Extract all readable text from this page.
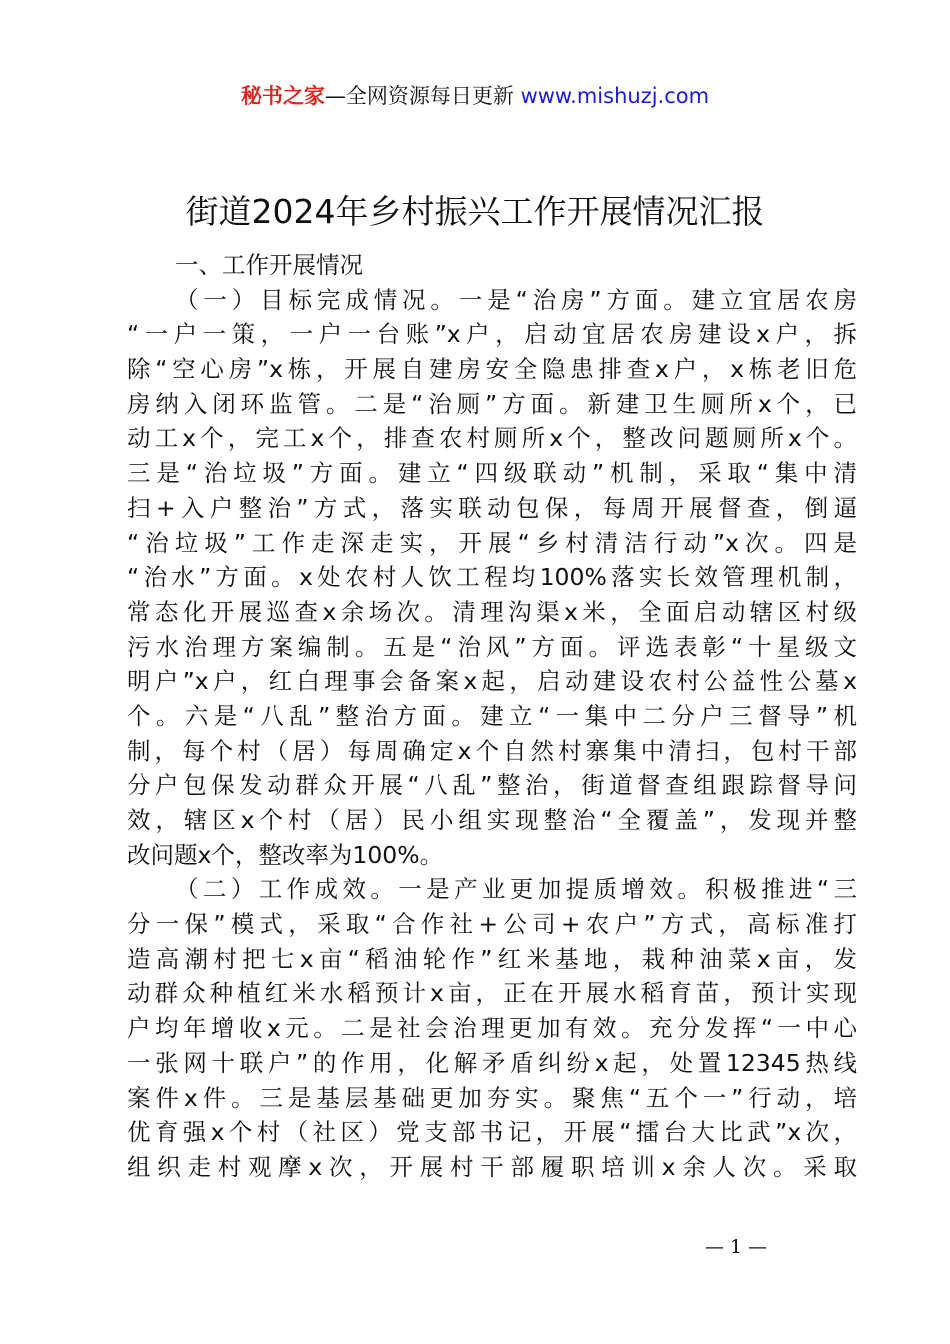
秘书之家—全网资源每日更新 www.mishuzj.com
街道2024年乡村振兴工作开展情况汇报
一、工作开展情况
（一）目标完成情况。一是“治房”方面。建立宜居农房
“一户一策，一户一台账”x户，启动宜居农房建设x户，拆
除“空心房”x栋，开展自建房安全隐患排查x户，x栋老旧危
房纳入闭环监管。二是“治厕”方面。新建卫生厕所x个，已
动工x个，完工x个，排查农村厕所x个，整改问题厕所x个。
三是“治垃圾”方面。建立“四级联动”机制，采取“集中清
扫+入户整治”方式，落实联动包保，每周开展督查，倒逼
“治垃圾”工作走深走实，开展“乡村清洁行动”x次。四是
“治水”方面。x处农村人饮工程均100%落实长效管理机制，
常态化开展巡查x余场次。清理沟渠x米，全面启动辖区村级
污水治理方案编制。五是“治风”方面。评选表彰“十星级文
明户”x户，红白理事会备案x起，启动建设农村公益性公墓x
个。六是“八乱”整治方面。建立“一集中二分户三督导”机
制，每个村（居）每周确定x个自然村寨集中清扫，包村干部
分户包保发动群众开展“八乱”整治，街道督查组跟踪督导问
效，辖区x个村（居）民小组实现整治“全覆盖”，发现并整
改问题x个，整改率为100%。
（二）工作成效。一是产业更加提质增效。积极推进“三
分一保”模式，采取“合作社+公司+农户”方式，高标准打
造高潮村把七x亩“稻油轮作”红米基地，栽种油菜x亩，发
动群众种植红米水稻预计x亩，正在开展水稻育苗，预计实现
户均年增收x元。二是社会治理更加有效。充分发挥“一中心
一张网十联户”的作用，化解矛盾纠纷x起，处置12345热线
案件x件。三是基层基础更加夯实。聚焦“五个一”行动，培
优育强x个村（社区）党支部书记，开展“擂台大比武”x次，
组织走村观摩x次，开展村干部履职培训x余人次。采取
— 1 —
